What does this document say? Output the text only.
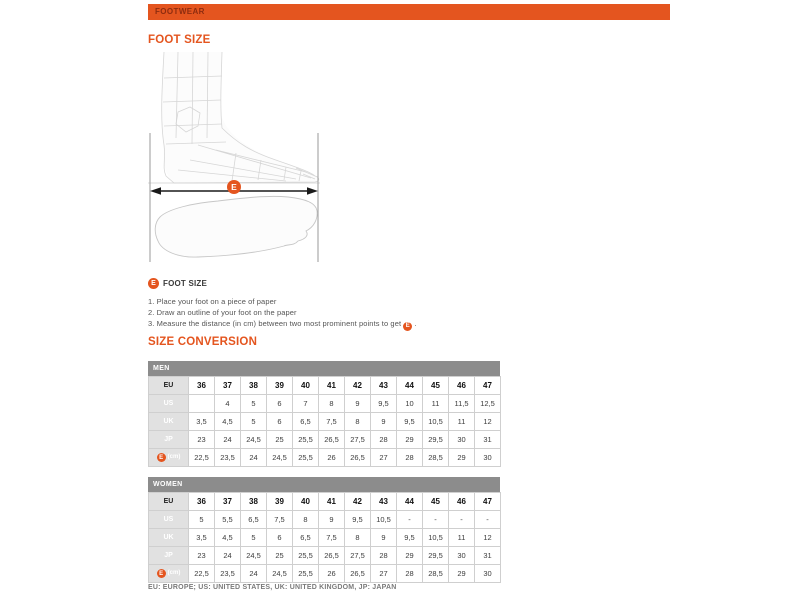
FOOTWEAR
FOOT SIZE
E
E FOOT SIZE
1. Place your foot on a piece of paper
2. Draw an outline of your foot on the paper
3. Measure the distance (in cm) between two most prominent points to get E .
SIZE CONVERSION
MEN
EU	36	37	38	39	40	41	42	43	44	45	46	47
US		4	5	6	7	8	9	9,5	10	11	11,5	12,5
UK	3,5	4,5	5	6	6,5	7,5	8	9	9,5	10,5	11	12
JP	23	24	24,5	25	25,5	26,5	27,5	28	29	29,5	30	31
E (cm)	22,5	23,5	24	24,5	25,5	26	26,5	27	28	28,5	29	30
WOMEN
EU	36	37	38	39	40	41	42	43	44	45	46	47
US	5	5,5	6,5	7,5	8	9	9,5	10,5	-	-	-	-
UK	3,5	4,5	5	6	6,5	7,5	8	9	9,5	10,5	11	12
JP	23	24	24,5	25	25,5	26,5	27,5	28	29	29,5	30	31
E (cm)	22,5	23,5	24	24,5	25,5	26	26,5	27	28	28,5	29	30
EU: EUROPE; US: UNITED STATES, UK: UNITED KINGDOM, JP: JAPAN
